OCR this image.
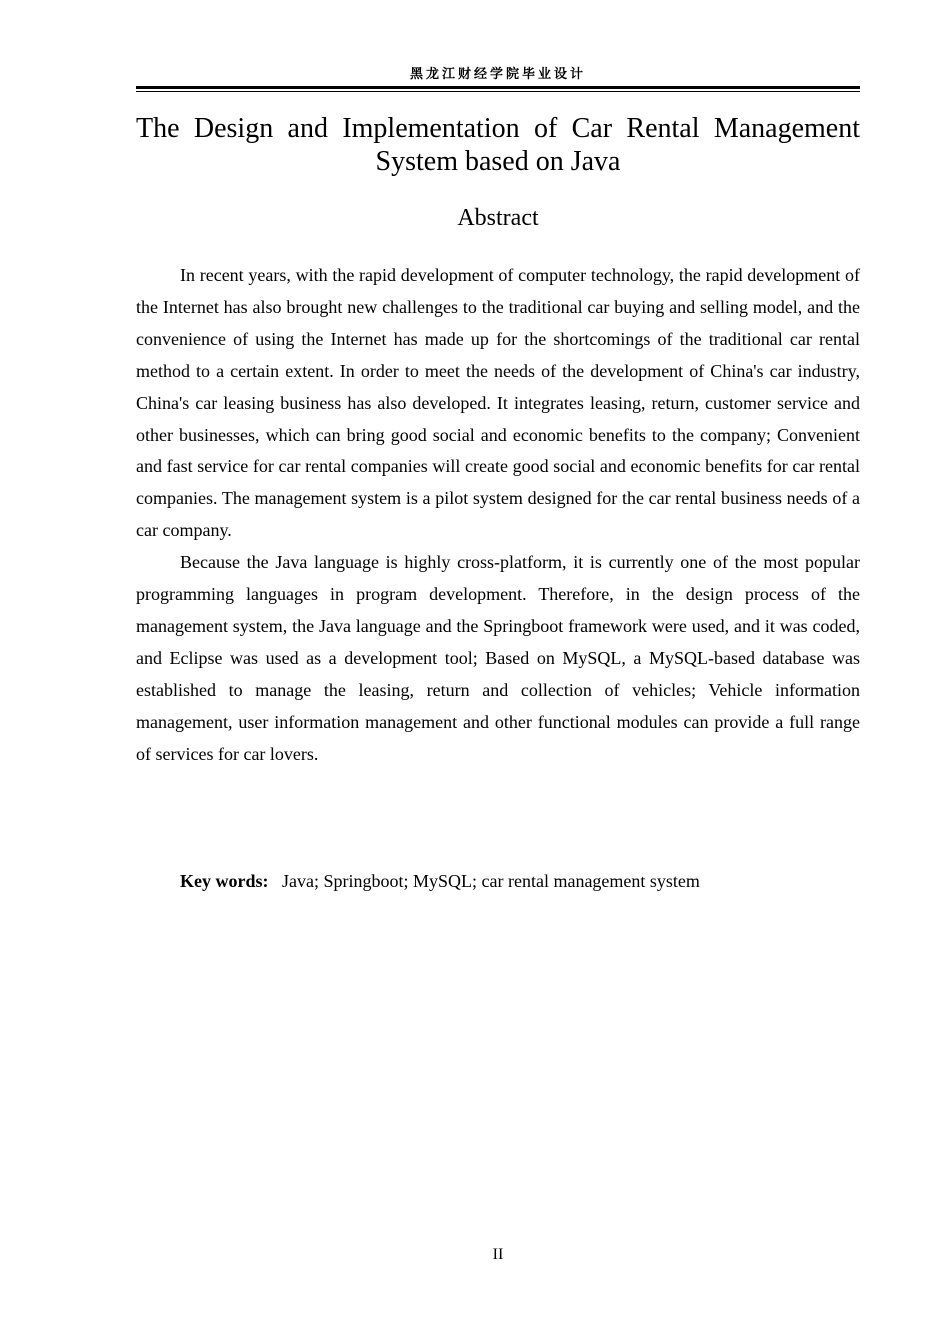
黑龙江财经学院毕业设计
The Design and Implementation of Car Rental Management
System based on Java
Abstract

In recent years, with the rapid development of computer technology, the rapid development of the Internet has also brought new challenges to the traditional car buying and selling model, and the convenience of using the Internet has made up for the shortcomings of the traditional car rental method to a certain extent. In order to meet the needs of the development of China's car industry, China's car leasing business has also developed. It integrates leasing, return, customer service and other businesses, which can bring good social and economic benefits to the company; Convenient and fast service for car rental companies will create good social and economic benefits for car rental companies. The management system is a pilot system designed for the car rental business needs of a car company.

Because the Java language is highly cross-platform, it is currently one of the most popular programming languages in program development. Therefore, in the design process of the management system, the Java language and the Springboot framework were used, and it was coded, and Eclipse was used as a development tool; Based on MySQL, a MySQL-based database was established to manage the leasing, return and collection of vehicles; Vehicle information management, user information management and other functional modules can provide a full range of services for car lovers.

Key words: Java; Springboot; MySQL; car rental management system
II
